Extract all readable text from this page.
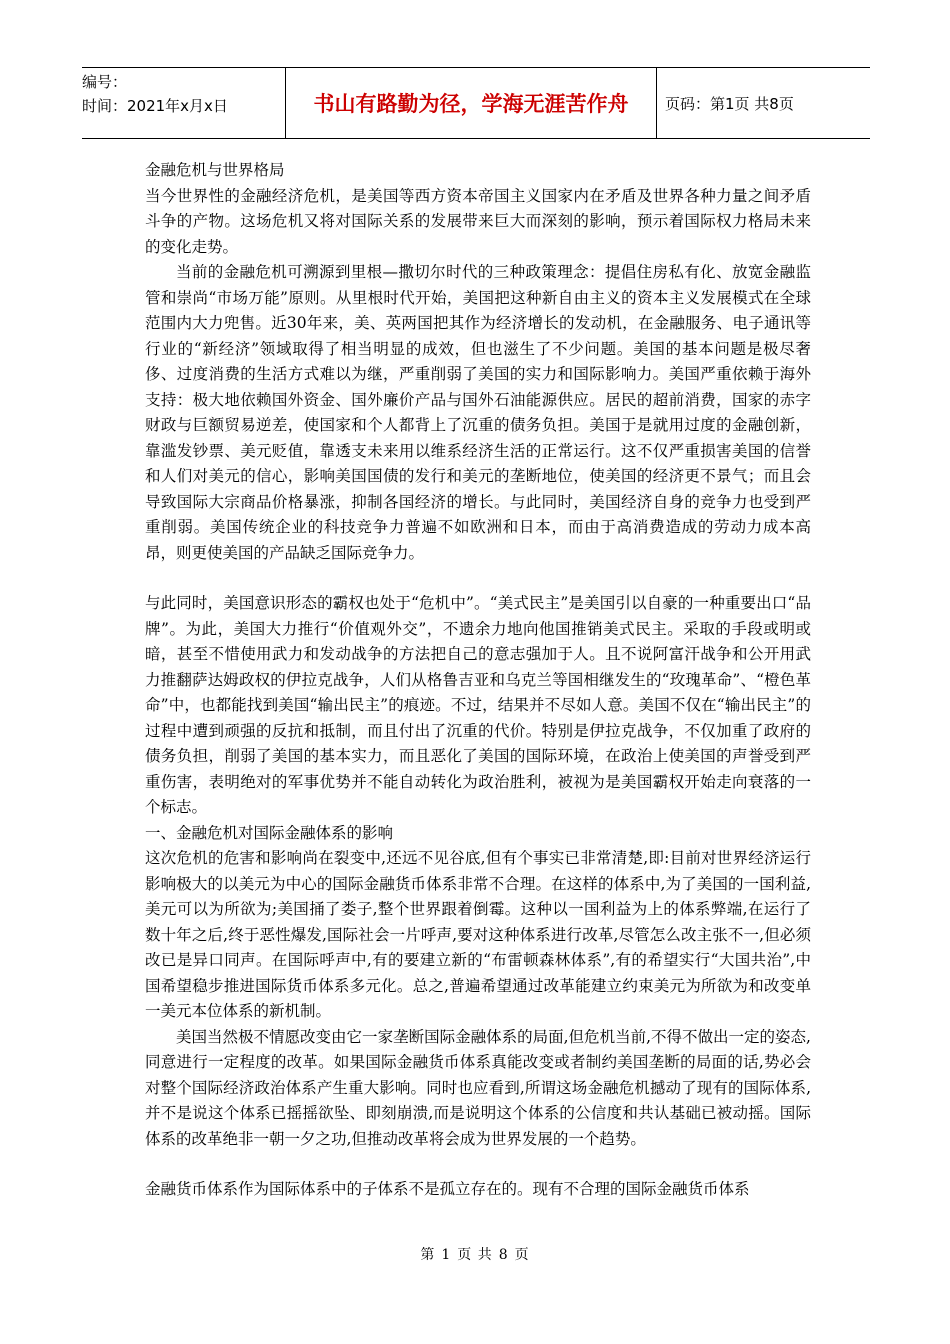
编号：
时间：2021年x月x日	书山有路勤为径，学海无涯苦作舟 页码：第1页 共8页

金融危机与世界格局

当今世界性的金融经济危机，是美国等西方资本帝国主义国家内在矛盾及世界各种力量之间矛盾斗争的产物。这场危机又将对国际关系的发展带来巨大而深刻的影响，预示着国际权力格局未来的变化走势。

当前的金融危机可溯源到里根—撒切尔时代的三种政策理念：提倡住房私有化、放宽金融监管和崇尚“市场万能”原则。从里根时代开始，美国把这种新自由主义的资本主义发展模式在全球范围内大力兜售。近30年来，美、英两国把其作为经济增长的发动机，在金融服务、电子通讯等行业的“新经济”领域取得了相当明显的成效，但也滋生了不少问题。美国的基本问题是极尽奢侈、过度消费的生活方式难以为继，严重削弱了美国的实力和国际影响力。美国严重依赖于海外支持：极大地依赖国外资金、国外廉价产品与国外石油能源供应。居民的超前消费，国家的赤字财政与巨额贸易逆差，使国家和个人都背上了沉重的债务负担。美国于是就用过度的金融创新，靠滥发钞票、美元贬值，靠透支未来用以维系经济生活的正常运行。这不仅严重损害美国的信誉和人们对美元的信心，影响美国国债的发行和美元的垄断地位，使美国的经济更不景气；而且会导致国际大宗商品价格暴涨，抑制各国经济的增长。与此同时，美国经济自身的竞争力也受到严重削弱。美国传统企业的科技竞争力普遍不如欧洲和日本，而由于高消费造成的劳动力成本高昂，则更使美国的产品缺乏国际竞争力。

与此同时，美国意识形态的霸权也处于“危机中”。“美式民主”是美国引以自豪的一种重要出口“品牌”。为此，美国大力推行“价值观外交”，不遗余力地向他国推销美式民主。采取的手段或明或暗，甚至不惜使用武力和发动战争的方法把自己的意志强加于人。且不说阿富汗战争和公开用武力推翻萨达姆政权的伊拉克战争，人们从格鲁吉亚和乌克兰等国相继发生的“玫瑰革命”、“橙色革命”中，也都能找到美国“输出民主”的痕迹。不过，结果并不尽如人意。美国不仅在“输出民主”的过程中遭到顽强的反抗和抵制，而且付出了沉重的代价。特别是伊拉克战争，不仅加重了政府的债务负担，削弱了美国的基本实力，而且恶化了美国的国际环境，在政治上使美国的声誉受到严重伤害，表明绝对的军事优势并不能自动转化为政治胜利，被视为是美国霸权开始走向衰落的一个标志。

一、金融危机对国际金融体系的影响

这次危机的危害和影响尚在裂变中,还远不见谷底,但有个事实已非常清楚,即:目前对世界经济运行影响极大的以美元为中心的国际金融货币体系非常不合理。在这样的体系中,为了美国的一国利益,美元可以为所欲为;美国捅了娄子,整个世界跟着倒霉。这种以一国利益为上的体系弊端,在运行了数十年之后,终于恶性爆发,国际社会一片呼声,要对这种体系进行改革,尽管怎么改主张不一,但必须改已是异口同声。在国际呼声中,有的要建立新的“布雷顿森林体系”,有的希望实行“大国共治”,中国希望稳步推进国际货币体系多元化。总之,普遍希望通过改革能建立约束美元为所欲为和改变单一美元本位体系的新机制。

美国当然极不情愿改变由它一家垄断国际金融体系的局面,但危机当前,不得不做出一定的姿态,同意进行一定程度的改革。如果国际金融货币体系真能改变或者制约美国垄断的局面的话,势必会对整个国际经济政治体系产生重大影响。同时也应看到,所谓这场金融危机撼动了现有的国际体系,并不是说这个体系已摇摇欲坠、即刻崩溃,而是说明这个体系的公信度和共认基础已被动摇。国际体系的改革绝非一朝一夕之功,但推动改革将会成为世界发展的一个趋势。

金融货币体系作为国际体系中的子体系不是孤立存在的。现有不合理的国际金融货币体系

第 1 页 共 8 页
